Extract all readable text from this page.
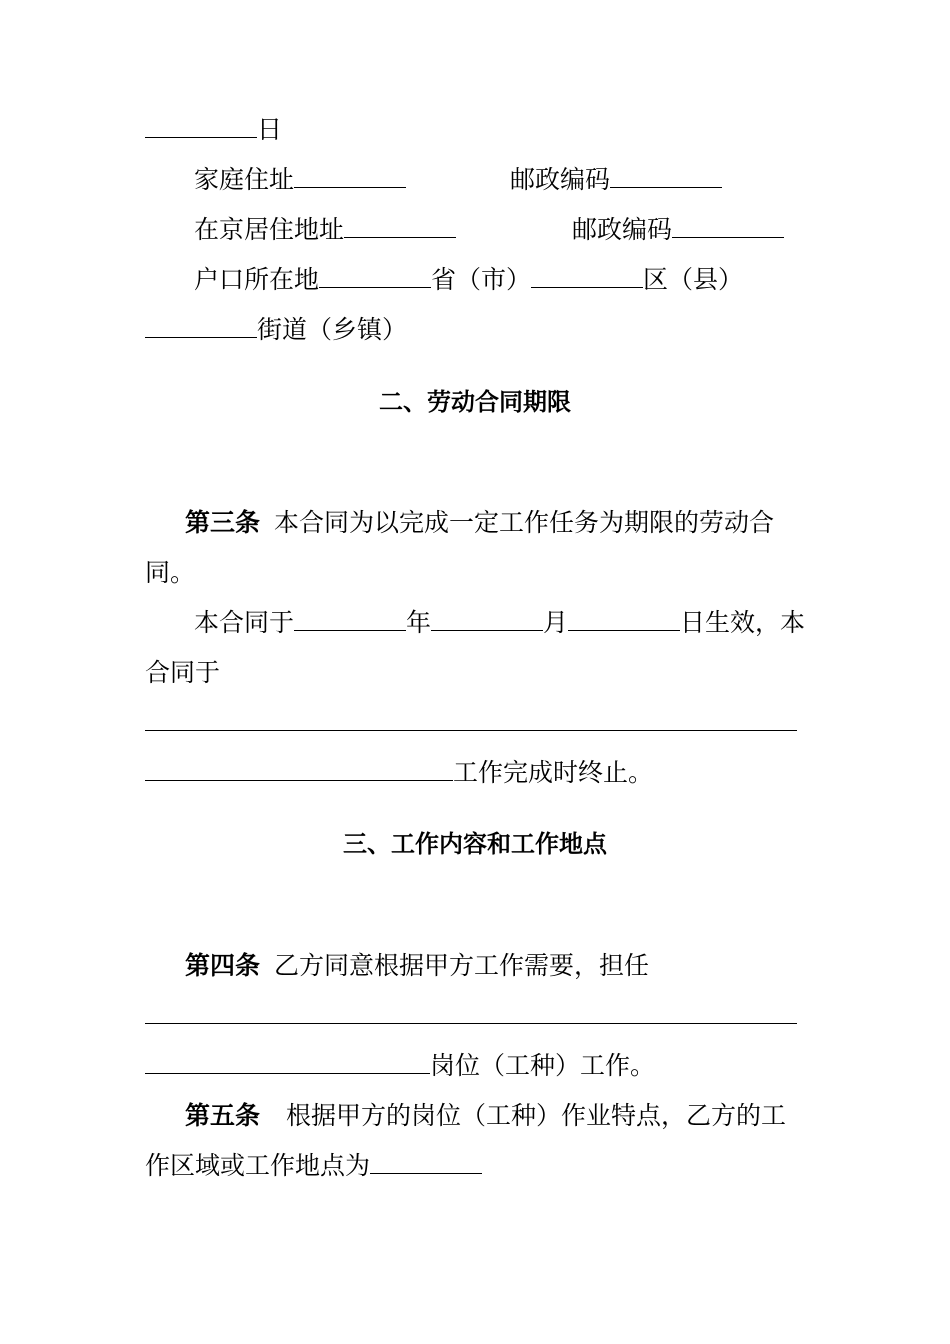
日
家庭住址	邮政编码
在京居住地址	邮政编码
户口所在地	省（市）	区（县）
街道（乡镇）
二、劳动合同期限
第三条 本合同为以完成一定工作任务为期限的劳动合
同。
本合同于	年	月	日生效，本
合同于
工作完成时终止。
三、工作内容和工作地点
第四条 乙方同意根据甲方工作需要，担任
岗位（工种）工作。
第五条 根据甲方的岗位（工种）作业特点，乙方的工
作区域或工作地点为
